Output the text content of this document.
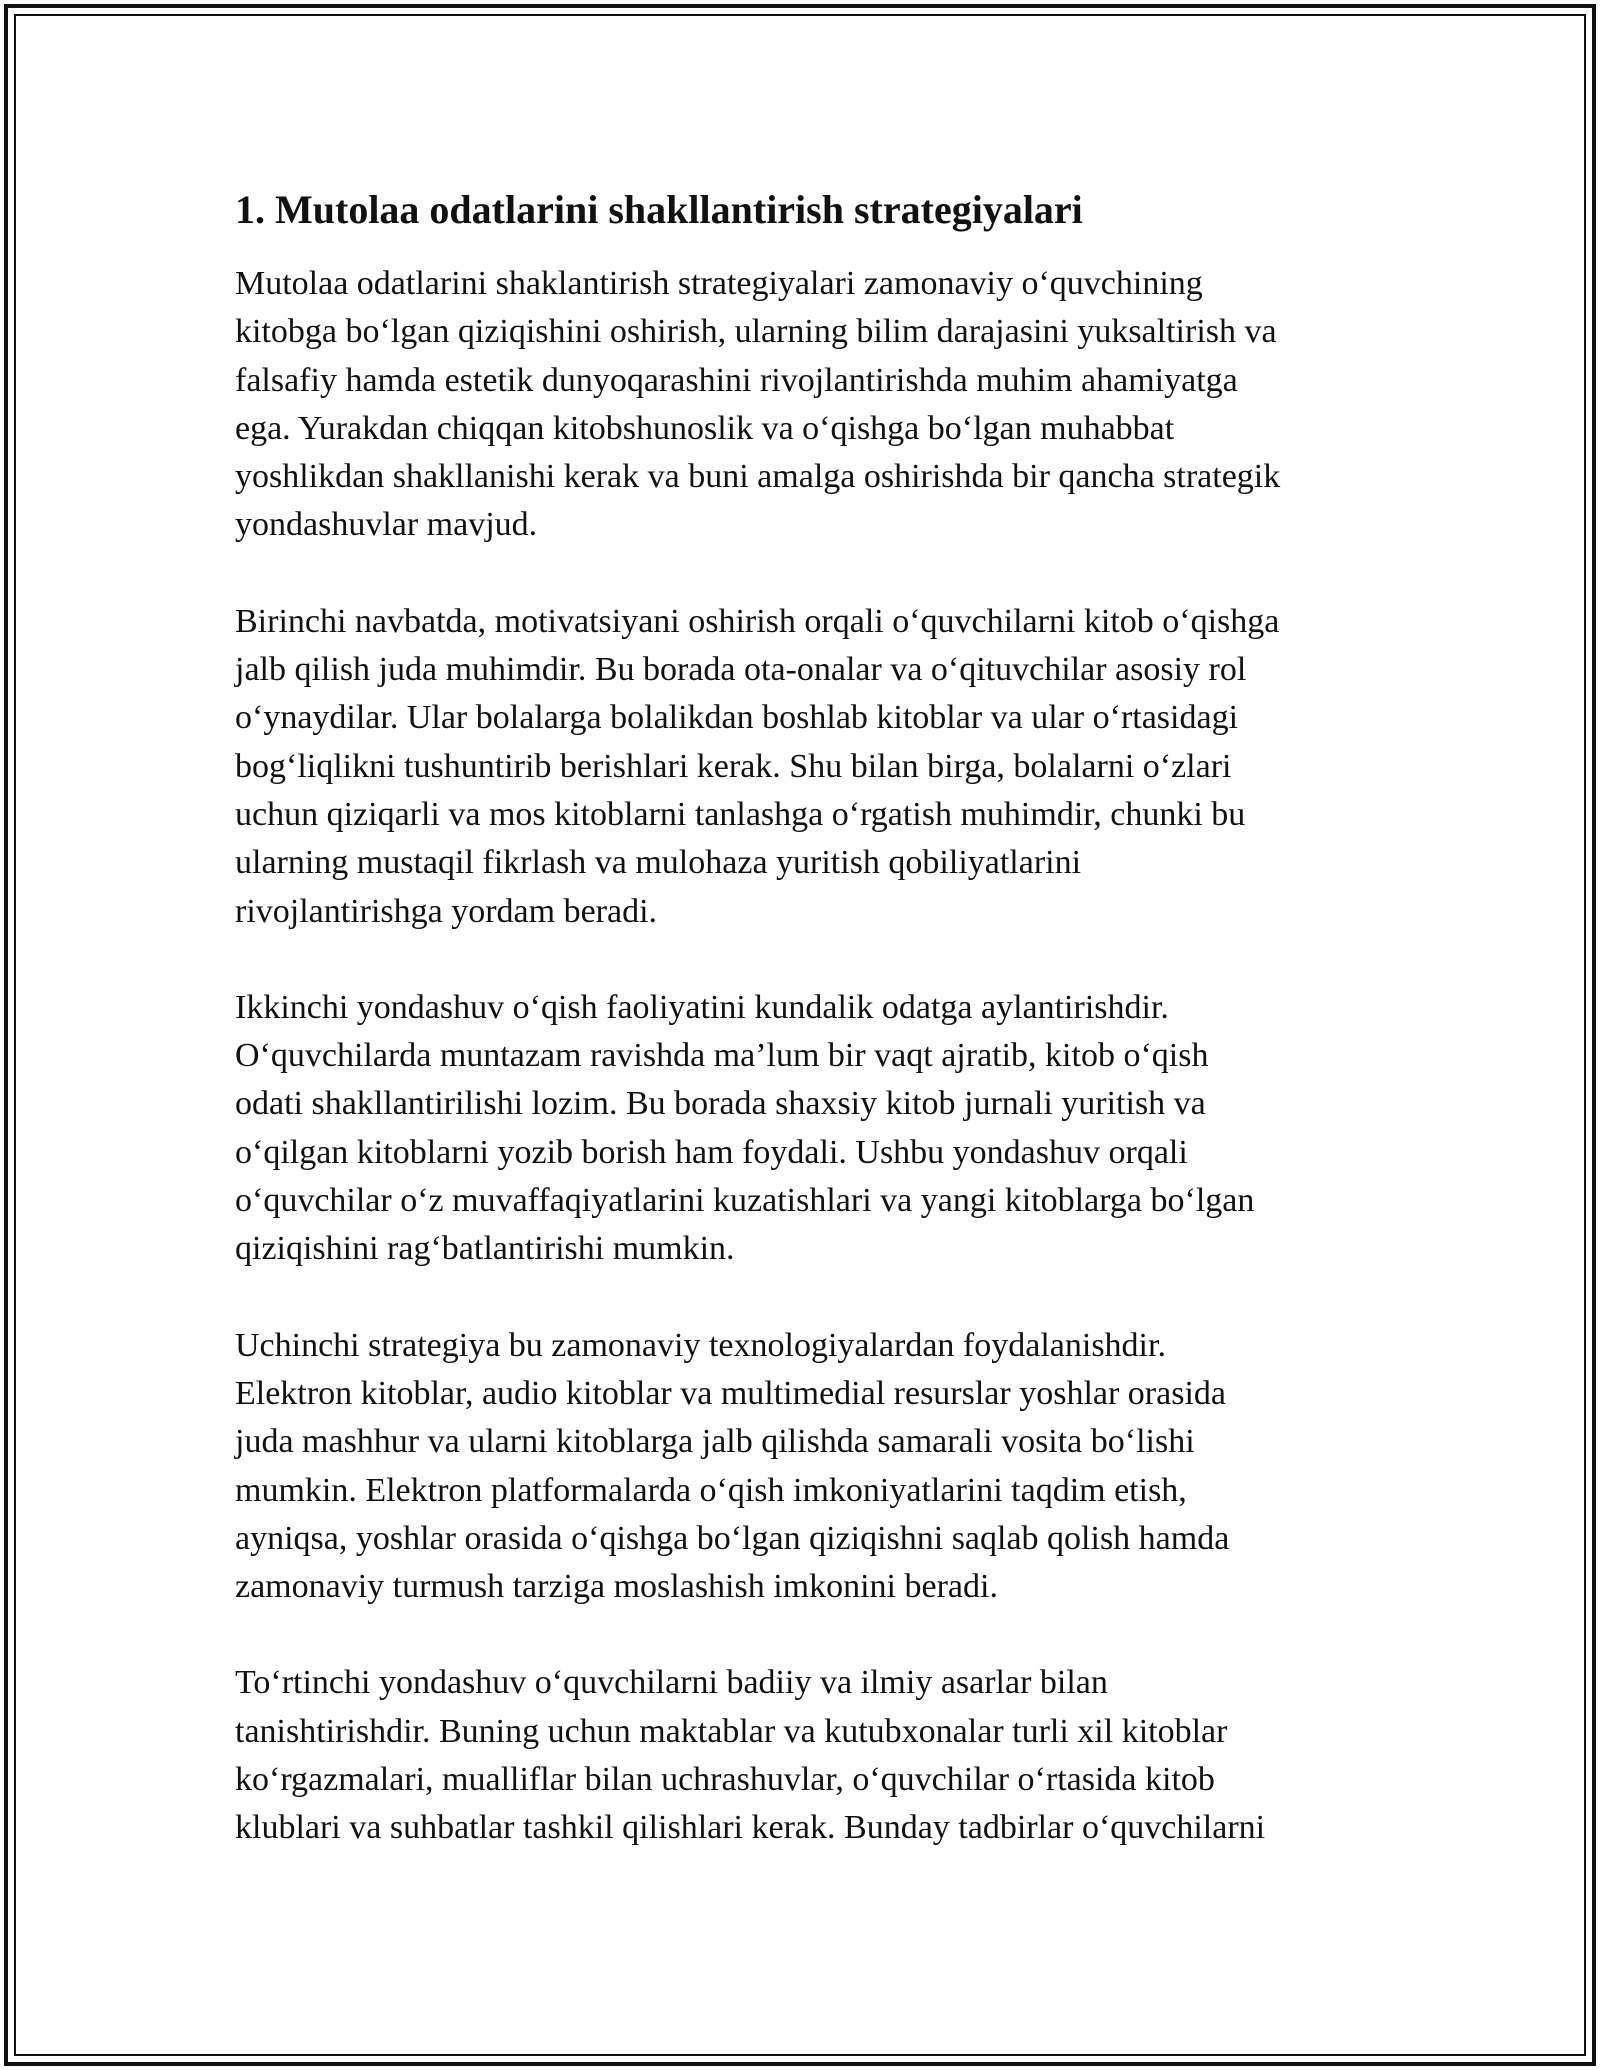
1. Mutolaa odatlarini shakllantirish strategiyalari

Mutolaa odatlarini shaklantirish strategiyalari zamonaviy o‘quvchining
kitobga bo‘lgan qiziqishini oshirish, ularning bilim darajasini yuksaltirish va
falsafiy hamda estetik dunyoqarashini rivojlantirishda muhim ahamiyatga
ega. Yurakdan chiqqan kitobshunoslik va o‘qishga bo‘lgan muhabbat
yoshlikdan shakllanishi kerak va buni amalga oshirishda bir qancha strategik
yondashuvlar mavjud.

Birinchi navbatda, motivatsiyani oshirish orqali o‘quvchilarni kitob o‘qishga
jalb qilish juda muhimdir. Bu borada ota-onalar va o‘qituvchilar asosiy rol
o‘ynaydilar. Ular bolalarga bolalikdan boshlab kitoblar va ular o‘rtasidagi
bog‘liqlikni tushuntirib berishlari kerak. Shu bilan birga, bolalarni o‘zlari
uchun qiziqarli va mos kitoblarni tanlashga o‘rgatish muhimdir, chunki bu
ularning mustaqil fikrlash va mulohaza yuritish qobiliyatlarini
rivojlantirishga yordam beradi.

Ikkinchi yondashuv o‘qish faoliyatini kundalik odatga aylantirishdir.
O‘quvchilarda muntazam ravishda ma’lum bir vaqt ajratib, kitob o‘qish
odati shakllantirilishi lozim. Bu borada shaxsiy kitob jurnali yuritish va
o‘qilgan kitoblarni yozib borish ham foydali. Ushbu yondashuv orqali
o‘quvchilar o‘z muvaffaqiyatlarini kuzatishlari va yangi kitoblarga bo‘lgan
qiziqishini rag‘batlantirishi mumkin.

Uchinchi strategiya bu zamonaviy texnologiyalardan foydalanishdir.
Elektron kitoblar, audio kitoblar va multimedial resurslar yoshlar orasida
juda mashhur va ularni kitoblarga jalb qilishda samarali vosita bo‘lishi
mumkin. Elektron platformalarda o‘qish imkoniyatlarini taqdim etish,
ayniqsa, yoshlar orasida o‘qishga bo‘lgan qiziqishni saqlab qolish hamda
zamonaviy turmush tarziga moslashish imkonini beradi.

To‘rtinchi yondashuv o‘quvchilarni badiiy va ilmiy asarlar bilan
tanishtirishdir. Buning uchun maktablar va kutubxonalar turli xil kitoblar
ko‘rgazmalari, mualliflar bilan uchrashuvlar, o‘quvchilar o‘rtasida kitob
klublari va suhbatlar tashkil qilishlari kerak. Bunday tadbirlar o‘quvchilarni
